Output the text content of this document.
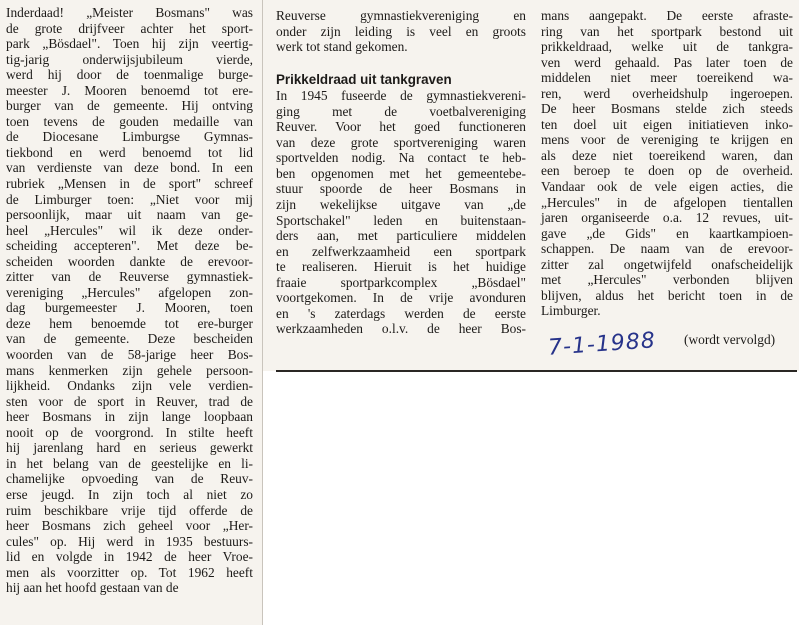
Inderdaad! „Meister Bosmans" was
de grote drijfveer achter het sport-
park „Bösdael". Toen hij zijn veertig-
tig-jarig onderwijsjubileum vierde,
werd hij door de toenmalige burge-
meester J. Mooren benoemd tot ere-
burger van de gemeente. Hij ontving
toen tevens de gouden medaille van
de Diocesane Limburgse Gymnas-
tiekbond en werd benoemd tot lid
van verdienste van deze bond. In een
rubriek „Mensen in de sport" schreef
de Limburger toen: „Niet voor mij
persoonlijk, maar uit naam van ge-
heel „Hercules" wil ik deze onder-
scheiding accepteren". Met deze be-
scheiden woorden dankte de erevoor-
zitter van de Reuverse gymnastiek-
vereniging „Hercules" afgelopen zon-
dag burgemeester J. Mooren, toen
deze hem benoemde tot ere-burger
van de gemeente. Deze bescheiden
woorden van de 58-jarige heer Bos-
mans kenmerken zijn gehele persoon-
lijkheid. Ondanks zijn vele verdien-
sten voor de sport in Reuver, trad de
heer Bosmans in zijn lange loopbaan
nooit op de voorgrond. In stilte heeft
hij jarenlang hard en serieus gewerkt
in het belang van de geestelijke en li-
chamelijke opvoeding van de Reuv-
erse jeugd. In zijn toch al niet zo
ruim beschikbare vrije tijd offerde de
heer Bosmans zich geheel voor „Her-
cules" op. Hij werd in 1935 bestuurs-
lid en volgde in 1942 de heer Vroe-
men als voorzitter op. Tot 1962 heeft
hij aan het hoofd gestaan van de
Reuverse gymnastiekvereniging en
onder zijn leiding is veel en groots
werk tot stand gekomen.

Prikkeldraad uit tankgraven

In 1945 fuseerde de gymnastiekvereni-
ging met de voetbalvereniging
Reuver. Voor het goed functioneren
van deze grote sportvereniging waren
sportvelden nodig. Na contact te heb-
ben opgenomen met het gemeentebe-
stuur spoorde de heer Bosmans in
zijn wekelijkse uitgave van „de
Sportschakel" leden en buitenstaan-
ders aan, met particuliere middelen
en zelfwerkzaamheid een sportpark
te realiseren. Hieruit is het huidige
fraaie sportparkcomplex „Bösdael"
voortgekomen. In de vrije avonduren
en 's zaterdags werden de eerste
werkzaamheden o.l.v. de heer Bos-
mans aangepakt. De eerste afraste-
ring van het sportpark bestond uit
prikkeldraad, welke uit de tankgra-
ven werd gehaald. Pas later toen de
middelen niet meer toereikend wa-
ren, werd overheidshulp ingeroepen.
De heer Bosmans stelde zich steeds
ten doel uit eigen initiatieven inko-
mens voor de vereniging te krijgen en
als deze niet toereikend waren, dan
een beroep te doen op de overheid.
Vandaar ook de vele eigen acties, die
„Hercules" in de afgelopen tientallen
jaren organiseerde o.a. 12 revues, uit-
gave „de Gids" en kaartkampioen-
schappen. De naam van de erevoor-
zitter zal ongetwijfeld onafscheidelijk
met „Hercules" verbonden blijven
blijven, aldus het bericht toen in de
Limburger.
7-1-1988 (wordt vervolgd)
